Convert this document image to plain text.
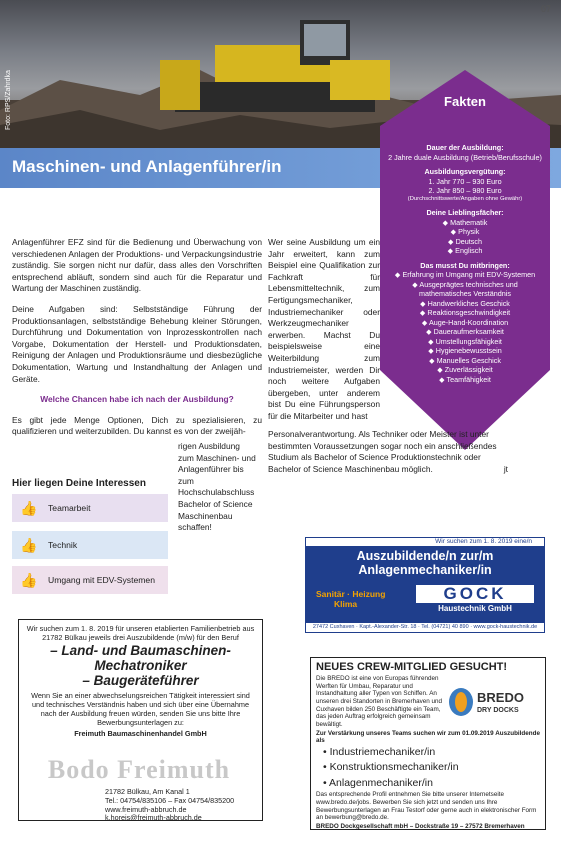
Foto: RPS/Zahrdka
07
Maschinen- und Anlagenführer/in
Fakten
Dauer der Ausbildung:
2 Jahre duale Ausbildung (Betrieb/Berufsschule)
Ausbildungsvergütung:
1. Jahr 770 – 930 Euro
2. Jahr 850 – 980 Euro
(Durchschnittswerte/Angaben ohne Gewähr)
Deine Lieblingsfächer:
◆ Mathematik
◆ Physik
◆ Deutsch
◆ Englisch
Das musst Du mitbringen:
◆ Erfahrung im Umgang mit EDV-Systemen
◆ Ausgeprägtes technisches und mathematisches Verständnis
◆ Handwerkliches Geschick
◆ Reaktionsgeschwindigkeit
◆ Auge-Hand-Koordination
◆ Daueraufmerksamkeit
◆ Umstellungsfähigkeit
◆ Hygienebewusstsein
◆ Manuelles Geschick
◆ Zuverlässigkeit
◆ Teamfähigkeit

Anlagenführer EFZ sind für die Bedienung und Überwachung von verschiedenen Anlagen der Produktions- und Verpackungsindustrie zuständig. Sie sorgen nicht nur dafür, dass alles den Vorschriften entsprechend abläuft, sondern sind auch für die Reparatur und Wartung der Maschinen zuständig.

Deine Aufgaben sind: Selbstständige Führung der Produktionsanlagen, selbstständige Behebung kleiner Störungen, Durchführung und Dokumentation von Inprozesskontrollen nach Vorgabe, Dokumentation der Herstell- und Produktionsdaten, Reinigung der Anlagen und Produktionsräume und diesbezügliche Dokumentation, Wartung und Instandhaltung der Anlagen und Geräte.

Welche Chancen habe ich nach der Ausbildung?

Es gibt jede Menge Optionen, Dich zu spezialisieren, zu qualifizieren und weiterzubilden. Du kannst es von der zweijäh-

rigen Ausbildung zum Maschinen- und Anlagenführer bis zum Hochschulabschluss Bachelor of Science Maschinenbau schaffen!
Wer seine Ausbildung um ein Jahr erweitert, kann zum Beispiel eine Qualifikation zur Fachkraft für Lebensmitteltechnik, zum Fertigungsmechaniker, Industriemechaniker oder Werkzeugmechaniker erwerben. Machst Du beispielsweise eine Weiterbildung zum Industriemeister, werden Dir noch weitere Aufgaben übergeben, unter anderem bist Du eine Führungsperson für die Mitarbeiter und hast
Personalverantwortung. Als Techniker oder Meister ist unter bestimmten Voraussetzungen sogar noch ein anschließendes Studium als Bachelor of Science Produktionstechnik oder Bachelor of Science Maschinenbau möglich.	jt
Hier liegen Deine Interessen
👍 Teamarbeit
👍 Technik
👍 Umgang mit EDV-Systemen
Wir suchen zum 1. 8. 2019 eine/n
Auszubildende/n zur/m
Anlagenmechaniker/in
Sanitär · Heizung
Klima
GOCK
Haustechnik GmbH
27472 Cuxhaven · Kapt.-Alexander-Str. 18 · Tel. (04721) 40 890 · www.gock-haustechnik.de
Wir suchen zum 1. 8. 2019 für unseren etablierten Familienbetrieb aus 21782 Bülkau jeweils drei Auszubildende (m/w) für den Beruf
– Land- und Baumaschinen-
Mechatroniker
– Baugeräteführer
Wenn Sie an einer abwechselungsreichen Tätigkeit interessiert sind und technisches Verständnis haben und sich über eine Übernahme nach der Ausbildung freuen würden, senden Sie uns bitte Ihre Bewerbungsunterlagen zu:
Freimuth Baumaschinenhandel GmbH
Bodo Freimuth
21782 Bülkau, Am Kanal 1
Tel.: 04754/835106 – Fax 04754/835200
www.freimuth-abbruch.de
k.horeis@freimuth-abbruch.de
NEUES CREW-MITGLIED GESUCHT!
Die BREDO ist eine von Europas führenden Werften für Umbau, Reparatur und Instandhaltung aller Typen von Schiffen. An unseren drei Standorten in Bremerhaven und Cuxhaven bilden 250 Beschäftigte ein Team, das jeden Auftrag erfolgreich gemeinsam bewältigt.
BREDO
DRY DOCKS
Zur Verstärkung unseres Teams suchen wir zum 01.09.2019 Auszubildende als
• Industriemechaniker/in
• Konstruktionsmechaniker/in
• Anlagenmechaniker/in
Das entsprechende Profil entnehmen Sie bitte unserer Internetseite www.bredo.de/jobs. Bewerben Sie sich jetzt und senden uns Ihre Bewerbungsunterlagen an Frau Testorf oder gerne auch in elektronischer Form an bewerbung@bredo.de.
BREDO Dockgesellschaft mbH – Dockstraße 19 – 27572 Bremerhaven
